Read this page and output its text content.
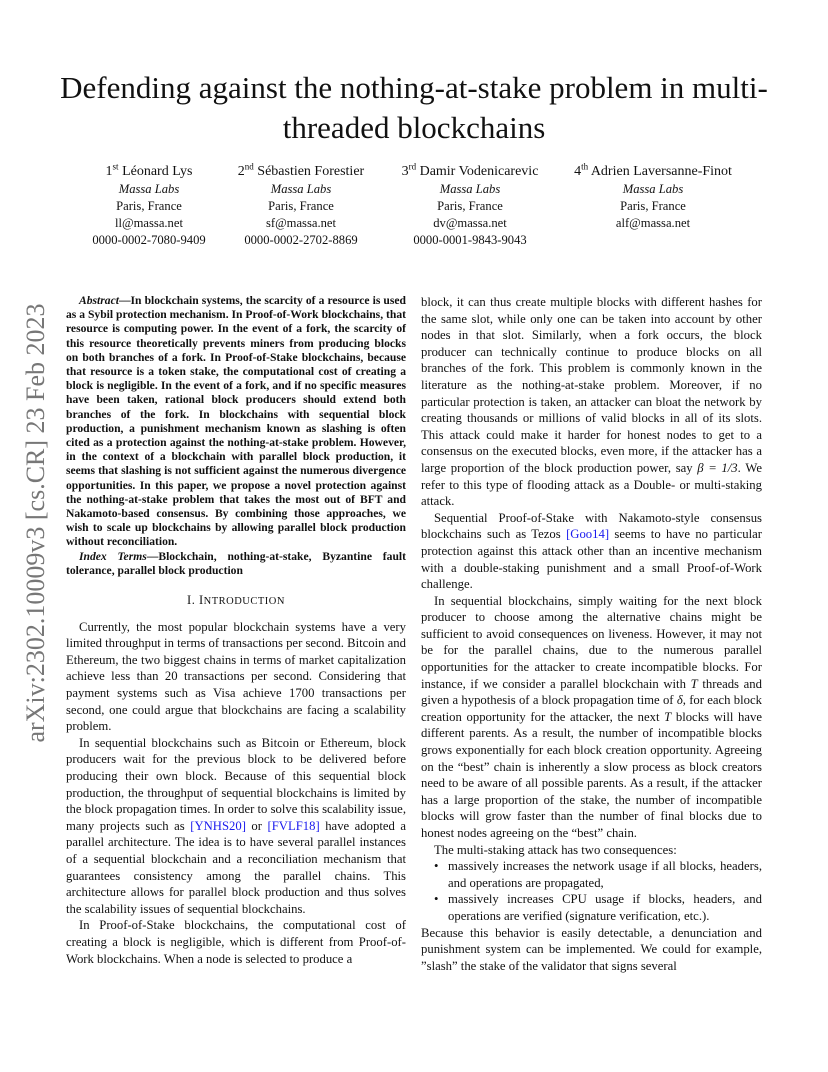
Defending against the nothing-at-stake problem in multi-threaded blockchains
arXiv:2302.10009v3 [cs.CR] 23 Feb 2023
1st Léonard Lys
Massa Labs
Paris, France
ll@massa.net
0000-0002-7080-9409
2nd Sébastien Forestier
Massa Labs
Paris, France
sf@massa.net
0000-0002-2702-8869
3rd Damir Vodenicarevic
Massa Labs
Paris, France
dv@massa.net
0000-0001-9843-9043
4th Adrien Laversanne-Finot
Massa Labs
Paris, France
alf@massa.net

Abstract—In blockchain systems, the scarcity of a resource is used as a Sybil protection mechanism. In Proof-of-Work blockchains, that resource is computing power. In the event of a fork, the scarcity of this resource theoretically prevents miners from producing blocks on both branches of a fork. In Proof-of-Stake blockchains, because that resource is a token stake, the computational cost of creating a block is negligible. In the event of a fork, and if no specific measures have been taken, rational block producers should extend both branches of the fork. In blockchains with sequential block production, a punishment mechanism known as slashing is often cited as a protection against the nothing-at-stake problem. However, in the context of a blockchain with parallel block production, it seems that slashing is not sufficient against the numerous divergence opportunities. In this paper, we propose a novel protection against the nothing-at-stake problem that takes the most out of BFT and Nakamoto-based consensus. By combining those approaches, we wish to scale up blockchains by allowing parallel block production without reconciliation.

Index Terms—Blockchain, nothing-at-stake, Byzantine fault tolerance, parallel block production

I. INTRODUCTION

Currently, the most popular blockchain systems have a very limited throughput in terms of transactions per second. Bitcoin and Ethereum, the two biggest chains in terms of market capitalization achieve less than 20 transactions per second. Considering that payment systems such as Visa achieve 1700 transactions per second, one could argue that blockchains are facing a scalability problem.

In sequential blockchains such as Bitcoin or Ethereum, block producers wait for the previous block to be delivered before producing their own block. Because of this sequential block production, the throughput of sequential blockchains is limited by the block propagation times. In order to solve this scalability issue, many projects such as [YNHS20] or [FVLF18] have adopted a parallel architecture. The idea is to have several parallel instances of a sequential blockchain and a reconciliation mechanism that guarantees consistency among the parallel chains. This architecture allows for parallel block production and thus solves the scalability issues of sequential blockchains.

In Proof-of-Stake blockchains, the computational cost of creating a block is negligible, which is different from Proof-of-Work blockchains. When a node is selected to produce a

block, it can thus create multiple blocks with different hashes for the same slot, while only one can be taken into account by other nodes in that slot. Similarly, when a fork occurs, the block producer can technically continue to produce blocks on all branches of the fork. This problem is commonly known in the literature as the nothing-at-stake problem. Moreover, if no particular protection is taken, an attacker can bloat the network by creating thousands or millions of valid blocks in all of its slots. This attack could make it harder for honest nodes to get to a consensus on the executed blocks, even more, if the attacker has a large proportion of the block production power, say β = 1/3. We refer to this type of flooding attack as a Double- or multi-staking attack.

Sequential Proof-of-Stake with Nakamoto-style consensus blockchains such as Tezos [Goo14] seems to have no particular protection against this attack other than an incentive mechanism with a double-staking punishment and a small Proof-of-Work challenge.

In sequential blockchains, simply waiting for the next block producer to choose among the alternative chains might be sufficient to avoid consequences on liveness. However, it may not be for the parallel chains, due to the numerous parallel opportunities for the attacker to create incompatible blocks. For instance, if we consider a parallel blockchain with T threads and given a hypothesis of a block propagation time of δ, for each block creation opportunity for the attacker, the next T blocks will have different parents. As a result, the number of incompatible blocks grows exponentially for each block creation opportunity. Agreeing on the “best” chain is inherently a slow process as block creators need to be aware of all possible parents. As a result, if the attacker has a large proportion of the stake, the number of incompatible blocks will grow faster than the number of final blocks due to honest nodes agreeing on the “best” chain.

The multi-staking attack has two consequences:

• massively increases the network usage if all blocks, headers, and operations are propagated,
• massively increases CPU usage if blocks, headers, and operations are verified (signature verification, etc.).

Because this behavior is easily detectable, a denunciation and punishment system can be implemented. We could for example, ”slash” the stake of the validator that signs several
